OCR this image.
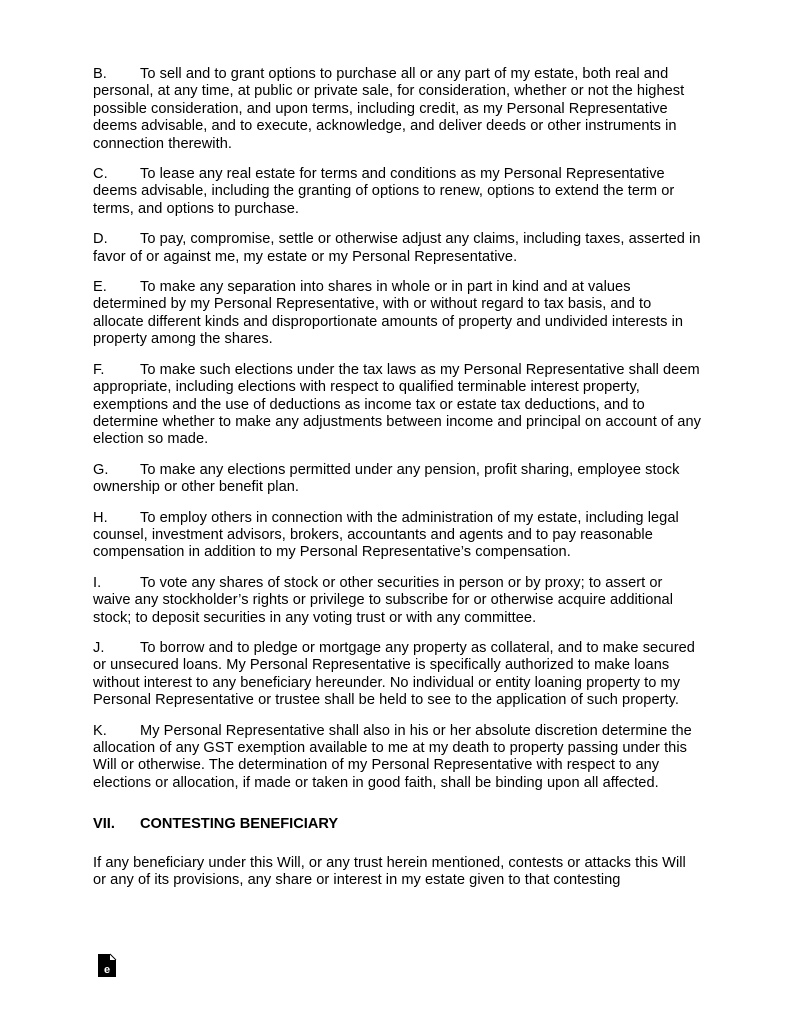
B. To sell and to grant options to purchase all or any part of my estate, both real and personal, at any time, at public or private sale, for consideration, whether or not the highest possible consideration, and upon terms, including credit, as my Personal Representative deems advisable, and to execute, acknowledge, and deliver deeds or other instruments in connection therewith.
C. To lease any real estate for terms and conditions as my Personal Representative deems advisable, including the granting of options to renew, options to extend the term or terms, and options to purchase.
D. To pay, compromise, settle or otherwise adjust any claims, including taxes, asserted in favor of or against me, my estate or my Personal Representative.
E. To make any separation into shares in whole or in part in kind and at values determined by my Personal Representative, with or without regard to tax basis, and to allocate different kinds and disproportionate amounts of property and undivided interests in property among the shares.
F. To make such elections under the tax laws as my Personal Representative shall deem appropriate, including elections with respect to qualified terminable interest property, exemptions and the use of deductions as income tax or estate tax deductions, and to determine whether to make any adjustments between income and principal on account of any election so made.
G. To make any elections permitted under any pension, profit sharing, employee stock ownership or other benefit plan.
H. To employ others in connection with the administration of my estate, including legal counsel, investment advisors, brokers, accountants and agents and to pay reasonable compensation in addition to my Personal Representative’s compensation.
I.	To vote any shares of stock or other securities in person or by proxy; to assert or waive any stockholder’s rights or privilege to subscribe for or otherwise acquire additional stock; to deposit securities in any voting trust or with any committee.
J. To borrow and to pledge or mortgage any property as collateral, and to make secured or unsecured loans. My Personal Representative is specifically authorized to make loans without interest to any beneficiary hereunder. No individual or entity loaning property to my Personal Representative or trustee shall be held to see to the application of such property.
K. My Personal Representative shall also in his or her absolute discretion determine the allocation of any GST exemption available to me at my death to property passing under this Will or otherwise. The determination of my Personal Representative with respect to any elections or allocation, if made or taken in good faith, shall be binding upon all affected.
VII. CONTESTING BENEFICIARY
If any beneficiary under this Will, or any trust herein mentioned, contests or attacks this Will or any of its provisions, any share or interest in my estate given to that contesting
e
